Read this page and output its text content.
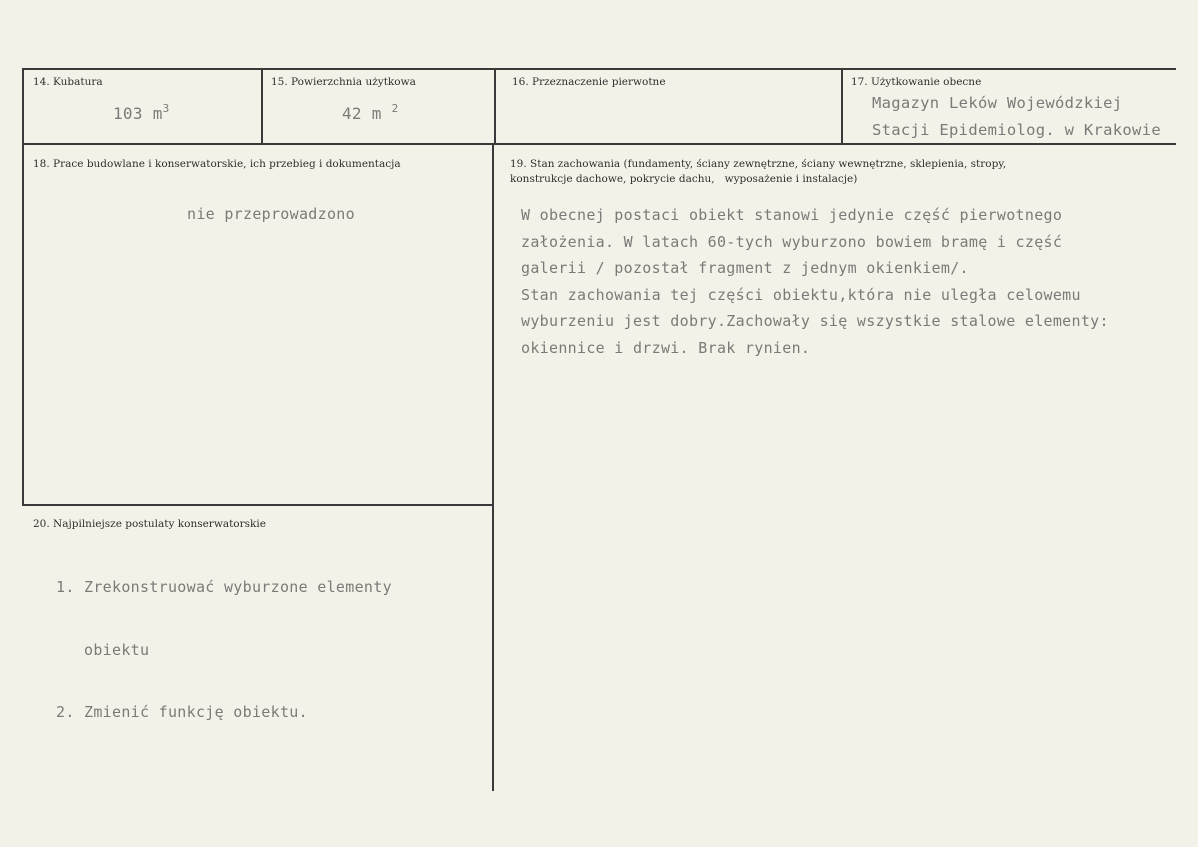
14. Kubatura
103 $m^3$
15. Powierzchnia użytkowa
42 m $^2$
16. Przeznaczenie pierwotne	17. Użytkowanie obecne
Magazyn Leków Wojewódzkiej
Stacji Epidemiolog. w Krakowie
18. Prace budowlane i konserwatorskie, ich przebieg i dokumentacja
nie przeprowadzono
19. Stan zachowania (fundamenty, ściany zewnętrzne, ściany wewnętrzne, sklepienia, stropy,
konstrukcje dachowe, pokrycie dachu,   wyposażenie i instalacje)
W obecnej postaci obiekt stanowi jedynie część pierwotnego
założenia. W latach 60-tych wyburzono bowiem bramę i część
galerii / pozostał fragment z jednym okienkiem/.
Stan zachowania tej części obiektu,która nie uległa celowemu
wyburzeniu jest dobry.Zachowały się wszystkie stalowe elementy:
okiennice i drzwi. Brak rynien.
20. Najpilniejsze postulaty konserwatorskie

1. Zrekonstruować wyburzone elementy

obiektu

2. Zmienić funkcję obiektu.
